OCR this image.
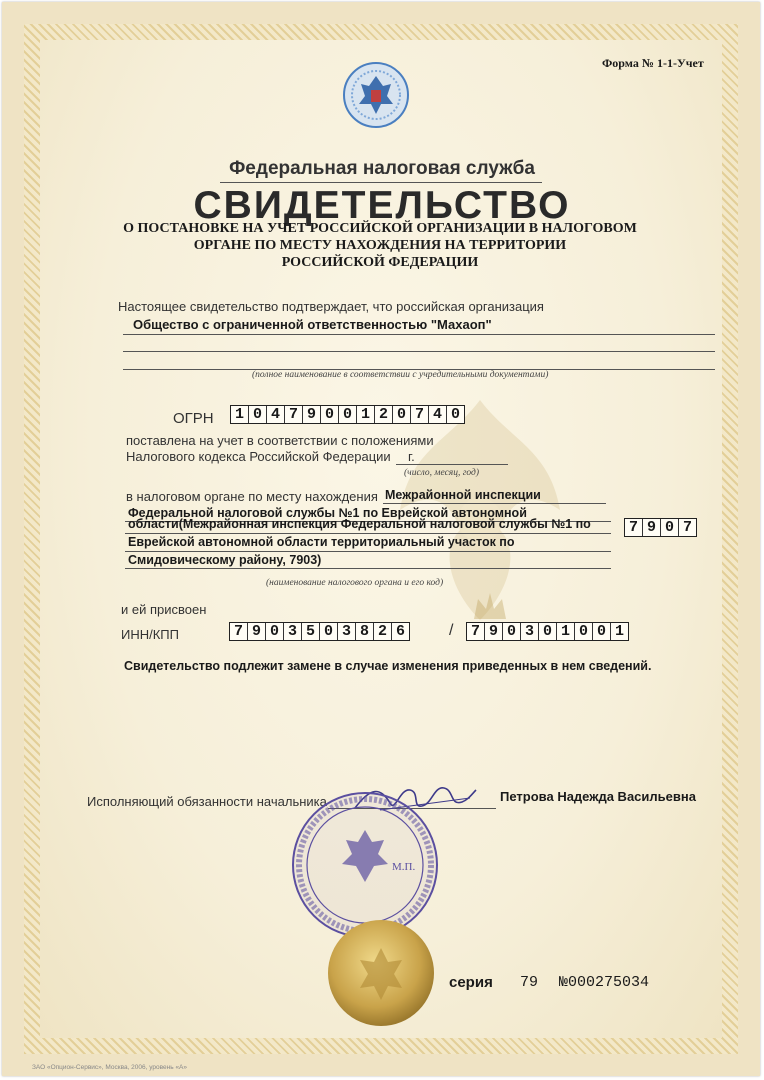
Форма № 1-1-Учет
Федеральная налоговая служба
СВИДЕТЕЛЬСТВО
О ПОСТАНОВКЕ НА УЧЕТ РОССИЙСКОЙ ОРГАНИЗАЦИИ В НАЛОГОВОМ
ОРГАНЕ ПО МЕСТУ НАХОЖДЕНИЯ НА ТЕРРИТОРИИ
РОССИЙСКОЙ ФЕДЕРАЦИИ
Настоящее свидетельство подтверждает, что российская организация
Общество с ограниченной ответственностью "Махаоп"
(полное наименование в соответствии с учредительными документами)
ОГРН 1 0 4 7 9 0 0 1 2 0 7 4 0
поставлена на учет в соответствии с положениями
Налогового кодекса Российской Федерации г.
(число, месяц, год)
в налоговом органе по месту нахождения Межрайонной инспекции
Федеральной налоговой службы №1 по Еврейской автономной
области(Межрайонная инспекция Федеральной налоговой службы №1 по
Еврейской автономной области территориальный участок по
Смидовическому району, 7903)
7 9 0 7
(наименование налогового органа и его код)
и ей присвоен
ИНН/КПП	7 9 0 3 5 0 3 8 2 6	/ 7 9 0 3 0 1 0 0 1
Свидетельство подлежит замене в случае изменения приведенных в нем сведений.
Исполняющий обязанности начальника	Петрова Надежда Васильевна
М.П.
серия 79 №000275034
ЗАО «Опцион-Сервис», Москва, 2006, уровень «А»
